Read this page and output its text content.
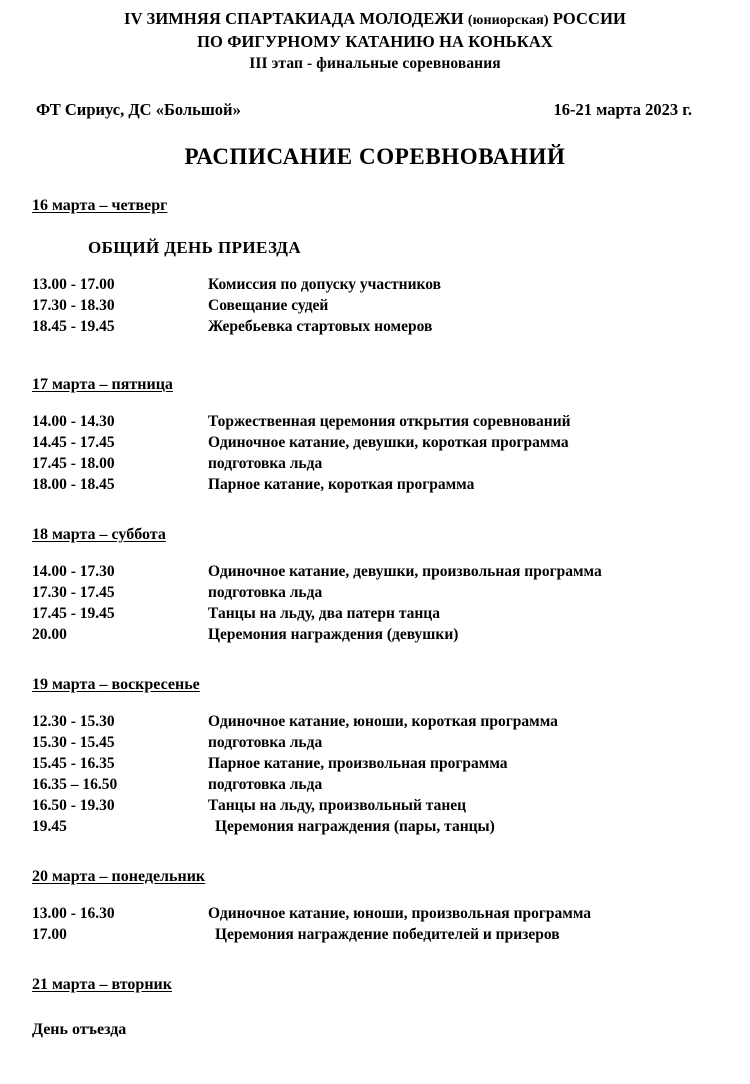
IV ЗИМНЯЯ СПАРТАКИАДА МОЛОДЕЖИ (юниорская) РОССИИ
ПО ФИГУРНОМУ КАТАНИЮ НА КОНЬКАХ
III этап - финальные соревнования
ФТ Сириус, ДС «Большой»	16-21 марта 2023 г.
РАСПИСАНИЕ СОРЕВНОВАНИЙ
16 марта – четверг
ОБЩИЙ ДЕНЬ ПРИЕЗДА
13.00 - 17.00	Комиссия по допуску участников
17.30 - 18.30	Совещание судей
18.45 - 19.45	Жеребьевка стартовых номеров
17 марта – пятница
14.00 - 14.30	Торжественная церемония открытия соревнований
14.45 - 17.45	Одиночное катание, девушки, короткая программа
17.45 - 18.00	подготовка льда
18.00 - 18.45	Парное катание, короткая программа
18 марта – суббота
14.00 - 17.30	Одиночное катание, девушки, произвольная программа
17.30 - 17.45	подготовка льда
17.45 - 19.45	Танцы на льду, два патерн танца
20.00	Церемония награждения (девушки)
19 марта – воскресенье
12.30 - 15.30	Одиночное катание, юноши, короткая программа
15.30 - 15.45	подготовка льда
15.45 - 16.35	Парное катание, произвольная программа
16.35 – 16.50	подготовка льда
16.50 - 19.30	Танцы на льду, произвольный танец
19.45	Церемония награждения (пары, танцы)
20 марта – понедельник
13.00 - 16.30	Одиночное катание, юноши, произвольная программа
17.00	Церемония награждение победителей и призеров
21 марта – вторник
День отъезда
